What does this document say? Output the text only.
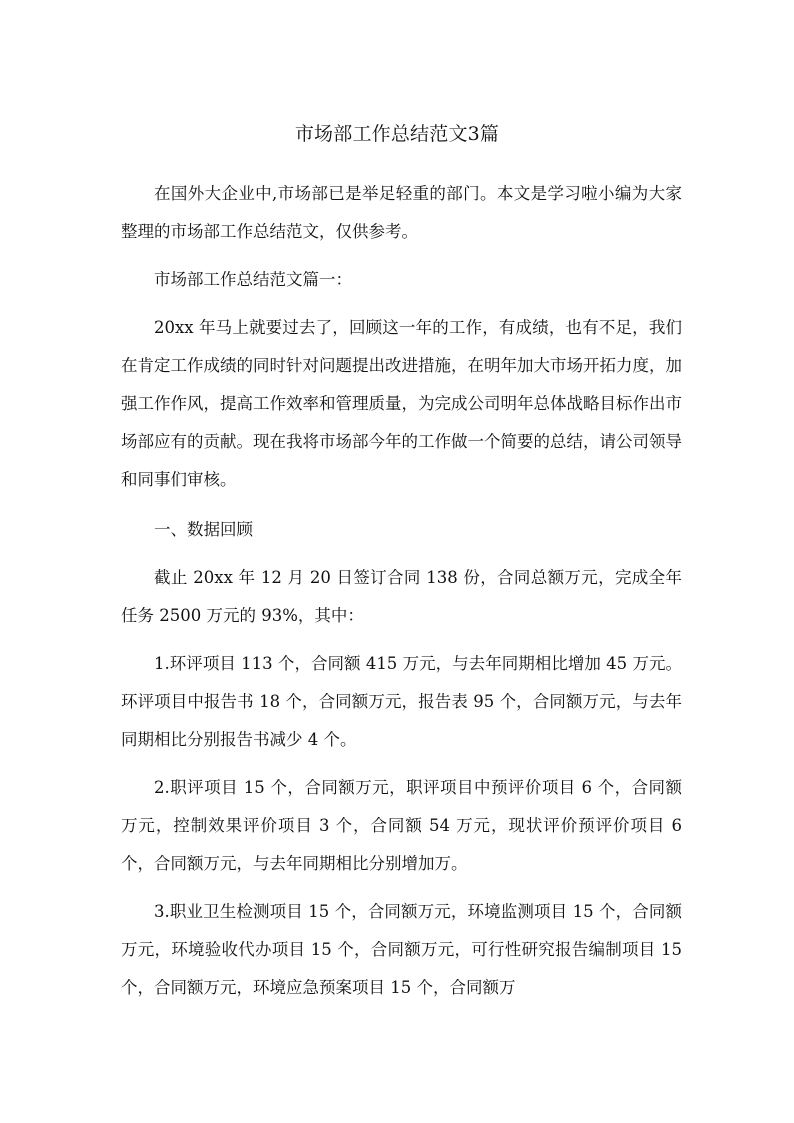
市场部工作总结范文3篇

在国外大企业中,市场部已是举足轻重的部门。本文是学习啦小编为大家整理的市场部工作总结范文，仅供参考。

市场部工作总结范文篇一：

20xx 年马上就要过去了，回顾这一年的工作，有成绩，也有不足，我们在肯定工作成绩的同时针对问题提出改进措施，在明年加大市场开拓力度，加强工作作风，提高工作效率和管理质量，为完成公司明年总体战略目标作出市场部应有的贡献。现在我将市场部今年的工作做一个简要的总结，请公司领导和同事们审核。

一、数据回顾

截止 20xx 年 12 月 20 日签订合同 138 份，合同总额万元，完成全年任务 2500 万元的 93%，其中：

1.环评项目 113 个，合同额 415 万元，与去年同期相比增加 45 万元。环评项目中报告书 18 个，合同额万元，报告表 95 个，合同额万元，与去年同期相比分别报告书减少 4 个。

2.职评项目 15 个，合同额万元，职评项目中预评价项目 6 个，合同额万元，控制效果评价项目 3 个，合同额 54 万元，现状评价预评价项目 6 个，合同额万元，与去年同期相比分别增加万。

3.职业卫生检测项目 15 个，合同额万元，环境监测项目 15 个，合同额万元，环境验收代办项目 15 个，合同额万元，可行性研究报告编制项目 15 个，合同额万元，环境应急预案项目 15 个，合同额万
